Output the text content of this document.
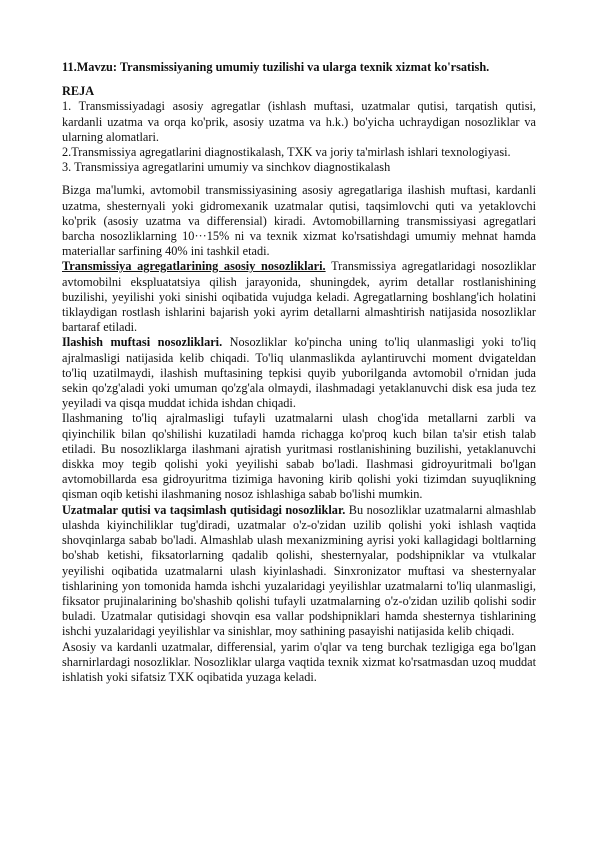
11.Mavzu: Transmissiyaning umumiy tuzilishi va ularga texnik xizmat ko'rsatish.
REJA
1. Transmissiyadagi asosiy agregatlar (ishlash muftasi, uzatmalar qutisi, tarqatish qutisi, kardanli uzatma va orqa ko'prik, asosiy uzatma va h.k.) bo'yicha uchraydigan nosozliklar va ularning alomatlari.
2.Transmissiya agregatlarini diagnostikalash, TXK va joriy ta'mirlash ishlari texnologiyasi.
3. Transmissiya agregatlarini umumiy va sinchkov diagnostikalash

Bizga ma'lumki, avtomobil transmissiyasining asosiy agregatlariga ilashish muftasi, kardanli uzatma, shesternyali yoki gidromexanik uzatmalar qutisi, taqsimlovchi quti va yetaklovchi ko'prik (asosiy uzatma va differensial) kiradi. Avtomobillarning transmissiyasi agregatlari barcha nosozliklarning 10···15% ni va texnik xizmat ko'rsatishdagi umumiy mehnat hamda materiallar sarfining 40% ini tashkil etadi.

Transmissiya agregatlarining asosiy nosozliklari. Transmissiya agregatlaridagi nosozliklar avtomobilni ekspluatatsiya qilish jarayonida, shuningdek, ayrim detallar rostlanishining buzilishi, yeyilishi yoki sinishi oqibatida vujudga keladi. Agregatlarning boshlang'ich holatini tiklaydigan rostlash ishlarini bajarish yoki ayrim detallarni almashtirish natijasida nosozliklar bartaraf etiladi.

Ilashish muftasi nosozliklari. Nosozliklar ko'pincha uning to'liq ulanmasligi yoki to'liq ajralmasligi natijasida kelib chiqadi. To'liq ulanmaslikda aylantiruvchi moment dvigateldan to'liq uzatilmaydi, ilashish muftasining tepkisi quyib yuborilganda avtomobil o'rnidan juda sekin qo'zg'aladi yoki umuman qo'zg'ala olmaydi, ilashmadagi yetaklanuvchi disk esa juda tez yeyiladi va qisqa muddat ichida ishdan chiqadi.

Ilashmaning to'liq ajralmasligi tufayli uzatmalarni ulash chog'ida metallarni zarbli va qiyinchilik bilan qo'shilishi kuzatiladi hamda richagga ko'proq kuch bilan ta'sir etish talab etiladi. Bu nosozliklarga ilashmani ajratish yuritmasi rostlanishining buzilishi, yetaklanuvchi diskka moy tegib qolishi yoki yeyilishi sabab bo'ladi. Ilashmasi gidroyuritmali bo'lgan avtomobillarda esa gidroyuritma tizimiga havoning kirib qolishi yoki tizimdan suyuqlikning qisman oqib ketishi ilashmaning nosoz ishlashiga sabab bo'lishi mumkin.

Uzatmalar qutisi va taqsimlash qutisidagi nosozliklar. Bu nosozliklar uzatmalarni almashlab ulashda kiyinchiliklar tug'diradi, uzatmalar o'z-o'zidan uzilib qolishi yoki ishlash vaqtida shovqinlarga sabab bo'ladi. Almashlab ulash mexanizmining ayrisi yoki kallagidagi boltlarning bo'shab ketishi, fiksatorlarning qadalib qolishi, shesternyalar, podshipniklar va vtulkalar yeyilishi oqibatida uzatmalarni ulash kiyinlashadi. Sinxronizator muftasi va shesternyalar tishlarining yon tomonida hamda ishchi yuzalaridagi yeyilishlar uzatmalarni to'liq ulanmasligi, fiksator prujinalarining bo'shashib qolishi tufayli uzatmalarning o'z-o'zidan uzilib qolishi sodir buladi. Uzatmalar qutisidagi shovqin esa vallar podshipniklari hamda shesternya tishlarining ishchi yuzalaridagi yeyilishlar va sinishlar, moy sathining pasayishi natijasida kelib chiqadi.

Asosiy va kardanli uzatmalar, differensial, yarim o'qlar va teng burchak tezligiga ega bo'lgan sharnirlardagi nosozliklar. Nosozliklar ularga vaqtida texnik xizmat ko'rsatmasdan uzoq muddat ishlatish yoki sifatsiz TXK oqibatida yuzaga keladi.
